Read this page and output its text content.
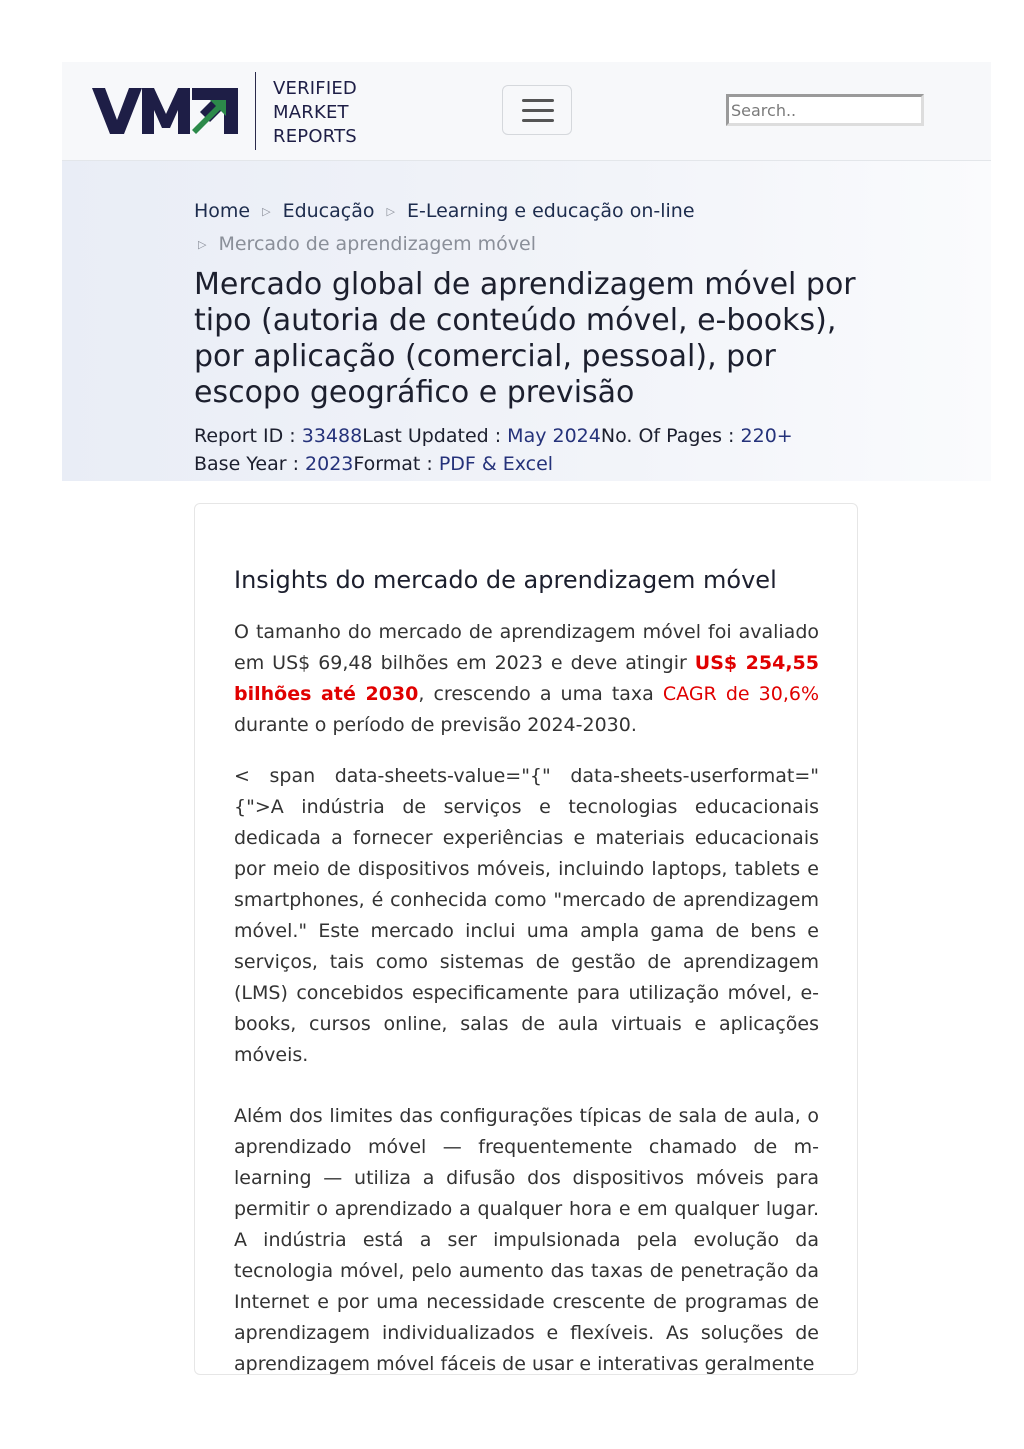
VERIFIED
MARKET
REPORTS
Search..
Home ▷ Educação ▷ E-Learning e educação on-line
▷ Mercado de aprendizagem móvel
Mercado global de aprendizagem móvel por tipo (autoria de conteúdo móvel, e-books), por aplicação (comercial, pessoal), por escopo geográfico e previsão
Report ID : 33488Last Updated : May 2024No. Of Pages : 220+
Base Year : 2023Format : PDF & Excel
Insights do mercado de aprendizagem móvel

O tamanho do mercado de aprendizagem móvel foi avaliado em US$ 69,48 bilhões em 2023 e deve atingir US$ 254,55 bilhões até 2030, crescendo a uma taxa CAGR de 30,6% durante o período de previsão 2024-2030.

< span data-sheets-value="{" data-sheets-userformat=" {">A indústria de serviços e tecnologias educacionais dedicada a fornecer experiências e materiais educacionais por meio de dispositivos móveis, incluindo laptops, tablets e smartphones, é conhecida como "mercado de aprendizagem móvel." Este mercado inclui uma ampla gama de bens e serviços, tais como sistemas de gestão de aprendizagem (LMS) concebidos especificamente para utilização móvel, e-books, cursos online, salas de aula virtuais e aplicações móveis.

Além dos limites das configurações típicas de sala de aula, o aprendizado móvel — frequentemente chamado de m-learning — utiliza a difusão dos dispositivos móveis para permitir o aprendizado a qualquer hora e em qualquer lugar. A indústria está a ser impulsionada pela evolução da tecnologia móvel, pelo aumento das taxas de penetração da Internet e por uma necessidade crescente de programas de aprendizagem individualizados e flexíveis. As soluções de aprendizagem móvel fáceis de usar e interativas geralmente
